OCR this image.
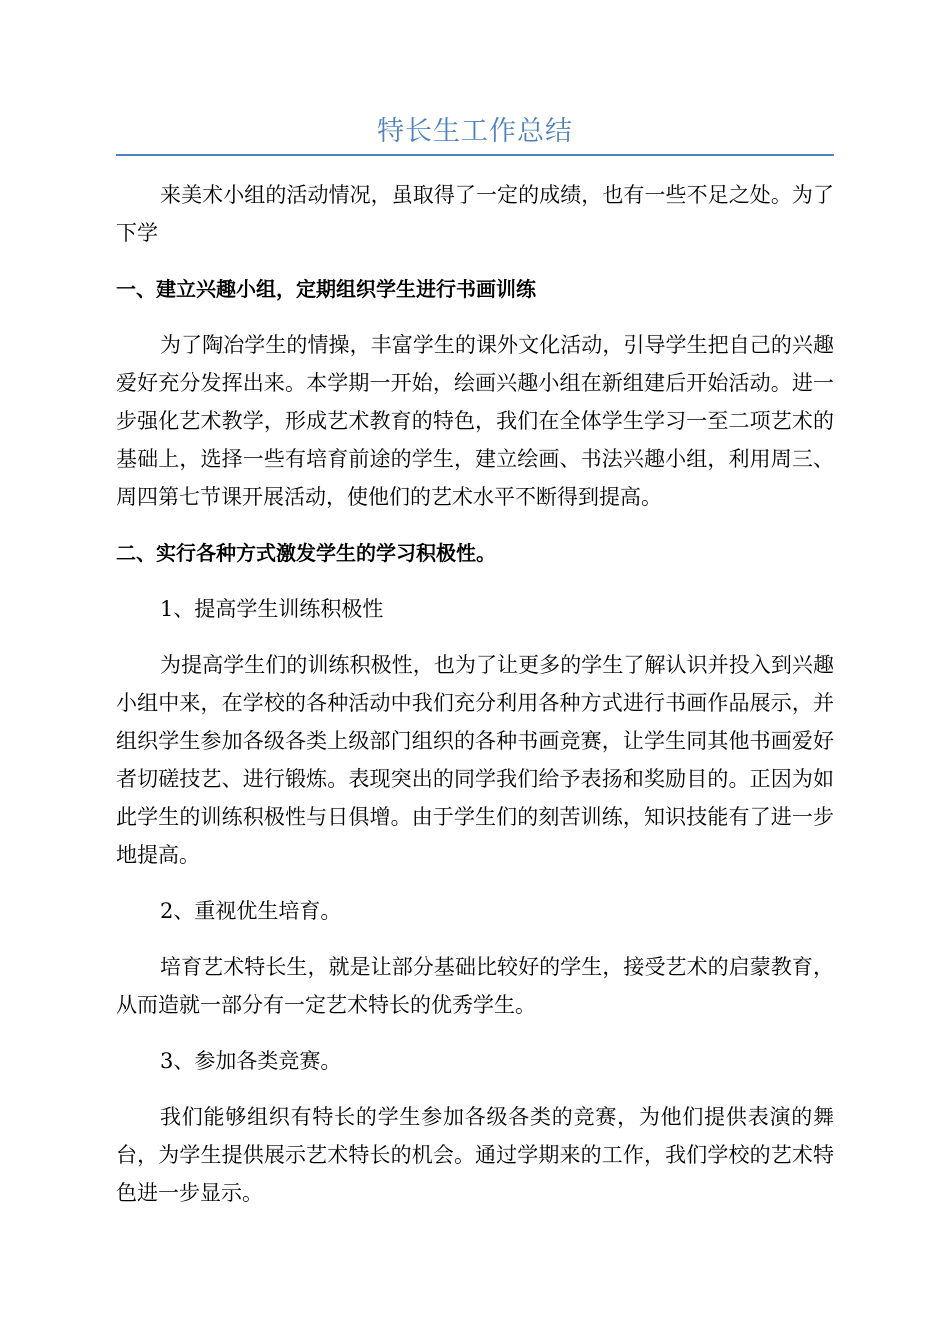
特长生工作总结

来美术小组的活动情况，虽取得了一定的成绩，也有一些不足之处。为了下学

一、建立兴趣小组，定期组织学生进行书画训练

为了陶冶学生的情操，丰富学生的课外文化活动，引导学生把自己的兴趣爱好充分发挥出来。本学期一开始，绘画兴趣小组在新组建后开始活动。进一步强化艺术教学，形成艺术教育的特色，我们在全体学生学习一至二项艺术的基础上，选择一些有培育前途的学生，建立绘画、书法兴趣小组，利用周三、周四第七节课开展活动，使他们的艺术水平不断得到提高。

二、实行各种方式激发学生的学习积极性。

1、提高学生训练积极性

为提高学生们的训练积极性，也为了让更多的学生了解认识并投入到兴趣小组中来，在学校的各种活动中我们充分利用各种方式进行书画作品展示，并组织学生参加各级各类上级部门组织的各种书画竞赛，让学生同其他书画爱好者切磋技艺、进行锻炼。表现突出的同学我们给予表扬和奖励目的。正因为如此学生的训练积极性与日俱增。由于学生们的刻苦训练，知识技能有了进一步地提高。

2、重视优生培育。

培育艺术特长生，就是让部分基础比较好的学生，接受艺术的启蒙教育，从而造就一部分有一定艺术特长的优秀学生。

3、参加各类竞赛。

我们能够组织有特长的学生参加各级各类的竞赛，为他们提供表演的舞台，为学生提供展示艺术特长的机会。通过学期来的工作，我们学校的艺术特色进一步显示。
